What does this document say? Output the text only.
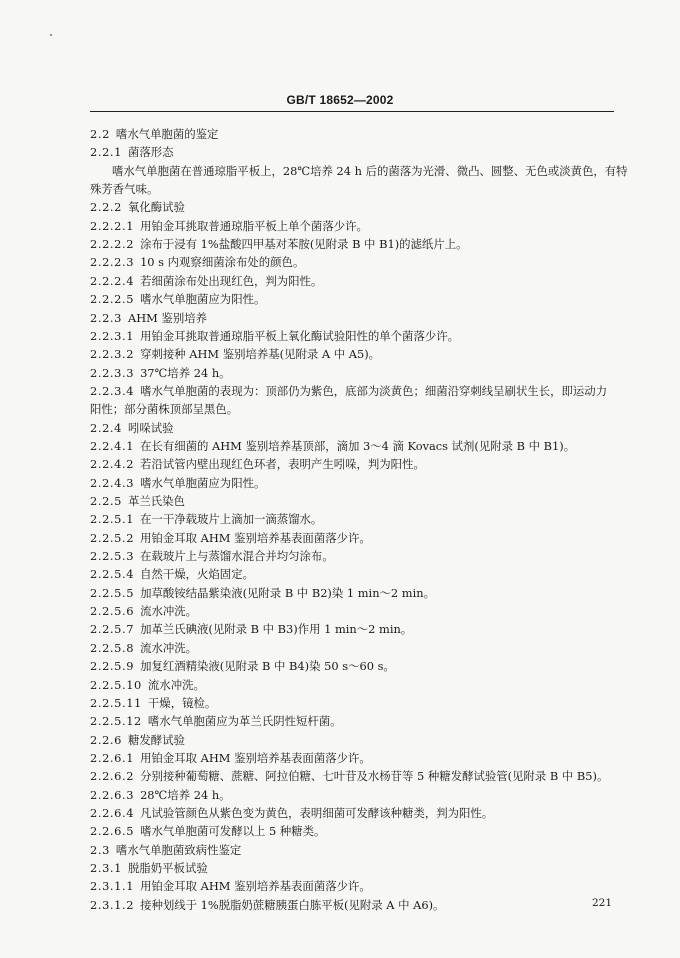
GB/T 18652—2002
2.2 嗜水气单胞菌的鉴定
2.2.1 菌落形态
嗜水气单胞菌在普通琼脂平板上，28℃培养 24 h 后的菌落为光滑、微凸、圆整、无色或淡黄色，有特
殊芳香气味。
2.2.2 氧化酶试验
2.2.2.1 用铂金耳挑取普通琼脂平板上单个菌落少许。
2.2.2.2 涂布于浸有 1%盐酸四甲基对苯胺(见附录 B 中 B1)的滤纸片上。
2.2.2.3 10 s 内观察细菌涂布处的颜色。
2.2.2.4 若细菌涂布处出现红色，判为阳性。
2.2.2.5 嗜水气单胞菌应为阳性。
2.2.3 AHM 鉴别培养
2.2.3.1 用铂金耳挑取普通琼脂平板上氧化酶试验阳性的单个菌落少许。
2.2.3.2 穿刺接种 AHM 鉴别培养基(见附录 A 中 A5)。
2.2.3.3 37℃培养 24 h。
2.2.3.4 嗜水气单胞菌的表现为：顶部仍为紫色，底部为淡黄色；细菌沿穿刺线呈刷状生长，即运动力
阳性；部分菌株顶部呈黑色。
2.2.4 吲哚试验
2.2.4.1 在长有细菌的 AHM 鉴别培养基顶部，滴加 3～4 滴 Kovacs 试剂(见附录 B 中 B1)。
2.2.4.2 若沿试管内壁出现红色环者，表明产生吲哚，判为阳性。
2.2.4.3 嗜水气单胞菌应为阳性。
2.2.5 革兰氏染色
2.2.5.1 在一干净载玻片上滴加一滴蒸馏水。
2.2.5.2 用铂金耳取 AHM 鉴别培养基表面菌落少许。
2.2.5.3 在载玻片上与蒸馏水混合并均匀涂布。
2.2.5.4 自然干燥，火焰固定。
2.2.5.5 加草酸铵结晶紫染液(见附录 B 中 B2)染 1 min～2 min。
2.2.5.6 流水冲洗。
2.2.5.7 加革兰氏碘液(见附录 B 中 B3)作用 1 min～2 min。
2.2.5.8 流水冲洗。
2.2.5.9 加复红酒精染液(见附录 B 中 B4)染 50 s～60 s。
2.2.5.10 流水冲洗。
2.2.5.11 干燥，镜检。
2.2.5.12 嗜水气单胞菌应为革兰氏阴性短杆菌。
2.2.6 糖发酵试验
2.2.6.1 用铂金耳取 AHM 鉴别培养基表面菌落少许。
2.2.6.2 分别接种葡萄糖、蔗糖、阿拉伯糖、七叶苷及水杨苷等 5 种糖发酵试验管(见附录 B 中 B5)。
2.2.6.3 28℃培养 24 h。
2.2.6.4 凡试验管颜色从紫色变为黄色，表明细菌可发酵该种糖类，判为阳性。
2.2.6.5 嗜水气单胞菌可发酵以上 5 种糖类。
2.3 嗜水气单胞菌致病性鉴定
2.3.1 脱脂奶平板试验
2.3.1.1 用铂金耳取 AHM 鉴别培养基表面菌落少许。
2.3.1.2 接种划线于 1%脱脂奶蔗糖胰蛋白胨平板(见附录 A 中 A6)。	221
